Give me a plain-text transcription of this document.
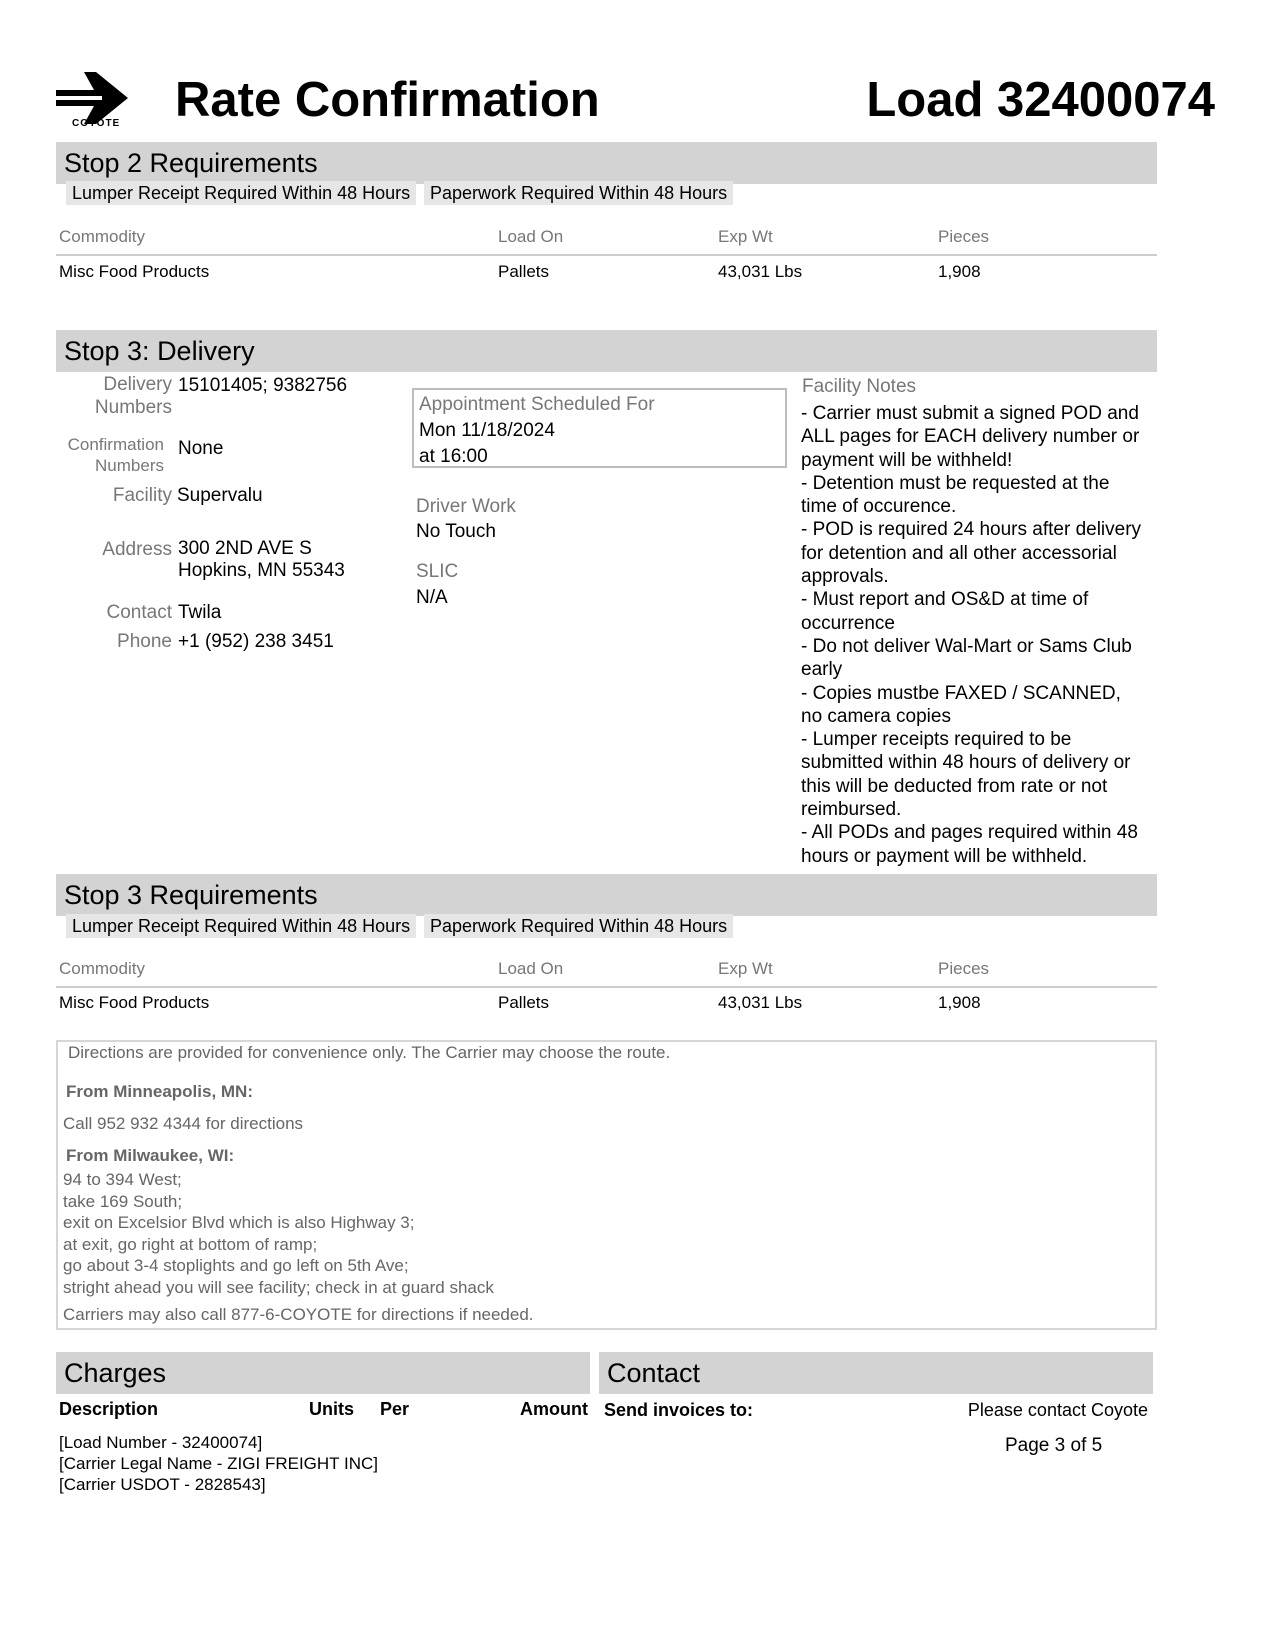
COYOTE Rate Confirmation	Load 32400074
Stop 2 Requirements
Lumper Receipt Required Within 48 Hours	Paperwork Required Within 48 Hours
Commodity	Load On	Exp Wt	Pieces
Misc Food Products	Pallets	43,031 Lbs	1,908
Stop 3: Delivery
Delivery
Numbers
15101405; 9382756
Confirmation
Numbers
None
Facility Supervalu
Address 300 2ND AVE S
Hopkins, MN 55343
Contact Twila
Phone +1 (952) 238 3451
Appointment Scheduled For
Mon 11/18/2024
at 16:00
Driver Work
No Touch
SLIC
N/A
Facility Notes
- Carrier must submit a signed POD and
ALL pages for EACH delivery number or
payment will be withheld!
- Detention must be requested at the
time of occurence.
- POD is required 24 hours after delivery
for detention and all other accessorial
approvals.
- Must report and OS&D at time of
occurrence
- Do not deliver Wal-Mart or Sams Club
early
- Copies mustbe FAXED / SCANNED,
no camera copies
- Lumper receipts required to be
submitted within 48 hours of delivery or
this will be deducted from rate or not
reimbursed.
- All PODs and pages required within 48
hours or payment will be withheld.
Stop 3 Requirements
Lumper Receipt Required Within 48 Hours	Paperwork Required Within 48 Hours
Commodity	Load On	Exp Wt	Pieces
Misc Food Products	Pallets	43,031 Lbs	1,908
Directions are provided for convenience only. The Carrier may choose the route.
From Minneapolis, MN:
Call 952 932 4344 for directions
From Milwaukee, WI:
94 to 394 West;
take 169 South;
exit on Excelsior Blvd which is also Highway 3;
at exit, go right at bottom of ramp;
go about 3-4 stoplights and go left on 5th Ave;
stright ahead you will see facility; check in at guard shack
Carriers may also call 877-6-COYOTE for directions if needed.
Charges
Description	Units Per	Amount
[Load Number - 32400074]
[Carrier Legal Name - ZIGI FREIGHT INC]
[Carrier USDOT - 2828543]
Contact
Send invoices to:	Please contact Coyote
Page 3 of 5
